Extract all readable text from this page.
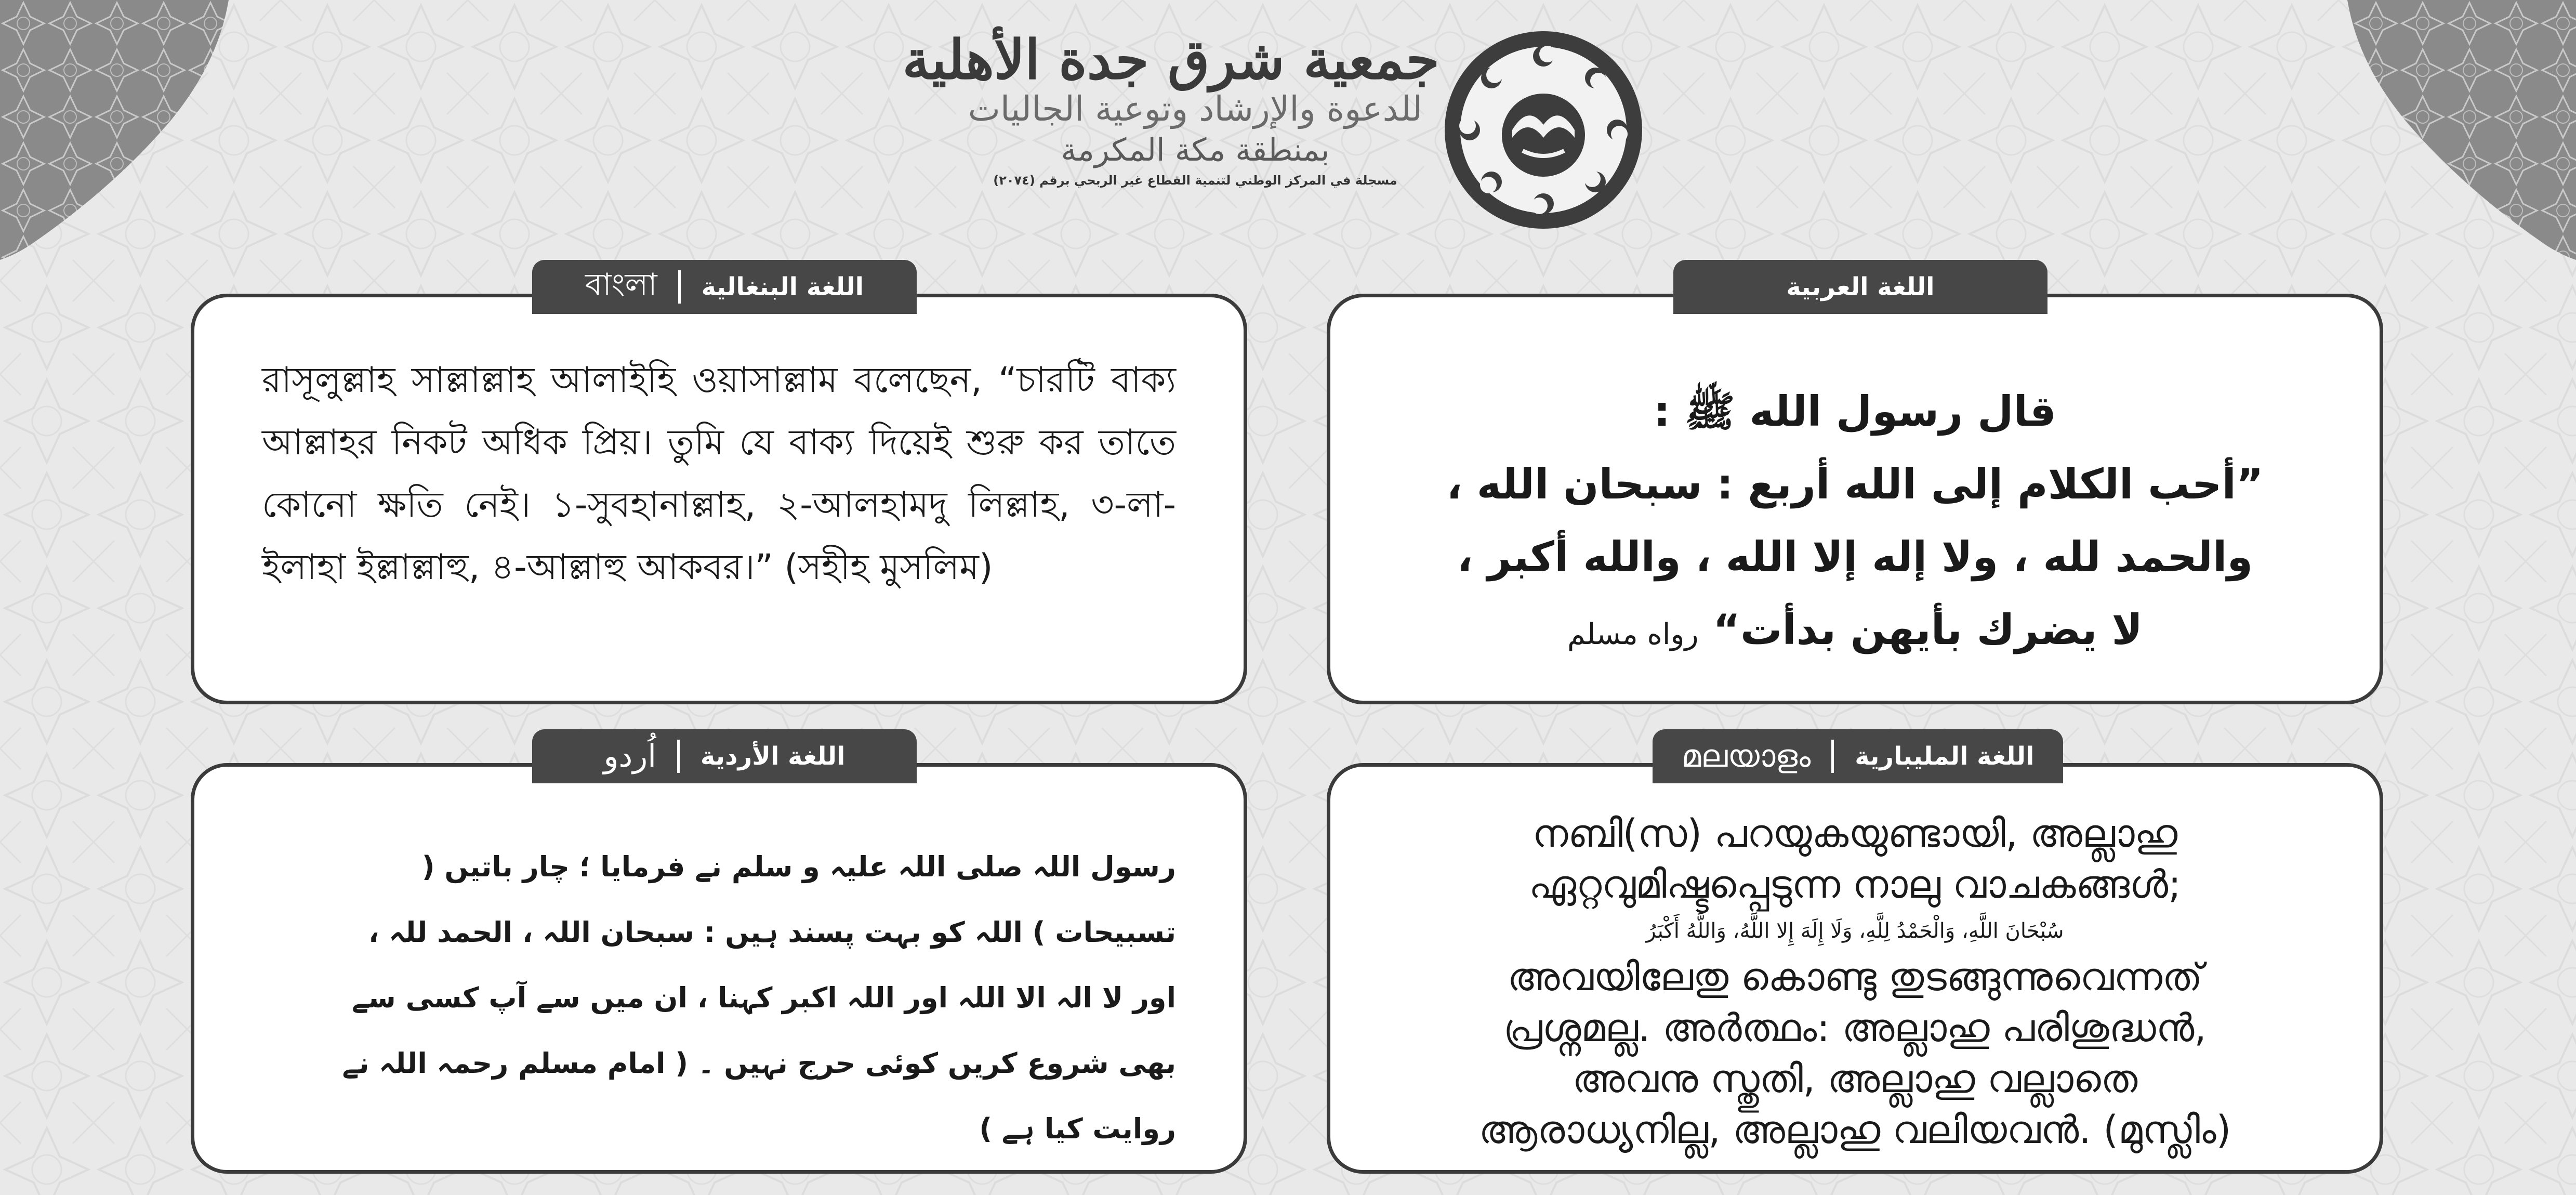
جمعية شرق جدة الأهلية
للدعوة والإرشاد وتوعية الجاليات
بمنطقة مكة المكرمة
مسجلة في المركز الوطني لتنمية القطاع غير الربحي برقم (٢٠٧٤)
اللغة العربية

قال رسول الله ﷺ :

”أحب الكلام إلى الله أربع : سبحان الله ،

والحمد لله ، ولا إله إلا الله ، والله أكبر ،

لا يضرك بأيهن بدأت“ رواه مسلم

বাংলা اللغة البنغالية

রাসূলুল্লাহ সাল্লাল্লাহ আলাইহি ওয়াসাল্লাম বলেছেন, “চারটি বাক্য আল্লাহর নিকট অধিক প্রিয়। তুমি যে বাক্য দিয়েই শুরু কর তাতে কোনো ক্ষতি নেই। ১-সুবহানাল্লাহ, ২-আলহামদু লিল্লাহ, ৩-লা-ইলাহা ইল্লাল্লাহু, ৪-আল্লাহু আকবর।” (সহীহ মুসলিম)

اُردو اللغة الأردية

رسول اللہ صلی اللہ علیہ و سلم نے فرمایا ؛ چار باتیں (

تسبیحات ) اللہ کو بہت پسند ہیں : سبحان اللہ ، الحمد للہ ،

اور لا الہ الا اللہ اور اللہ اکبر کہنا ، ان میں سے آپ کسی سے

بھی شروع کریں کوئی حرج نہیں ۔ ( امام مسلم رحمہ اللہ نے

روایت کیا ہے )

മലയാളം اللغة المليبارية

നബി(സ) പറയുകയുണ്ടായി, അല്ലാഹു

ഏറ്റവുമിഷ്ടപ്പെടുന്ന നാലു വാചകങ്ങൾ;

سُبْحَانَ اللَّهِ، وَالْحَمْدُ لِلَّهِ، وَلَا إِلَهَ إِلا اللَّهُ، وَاللَّهُ أَكْبَرُ

അവയിലേതു കൊണ്ടു തുടങ്ങുന്നുവെന്നത്

പ്രശ്നമല്ല. അർത്ഥം: അല്ലാഹു പരിശുദ്ധൻ,

അവനു സ്തുതി, അല്ലാഹു വല്ലാതെ

ആരാധ്യനില്ല, അല്ലാഹു വലിയവൻ. (മുസ്ലിം)
